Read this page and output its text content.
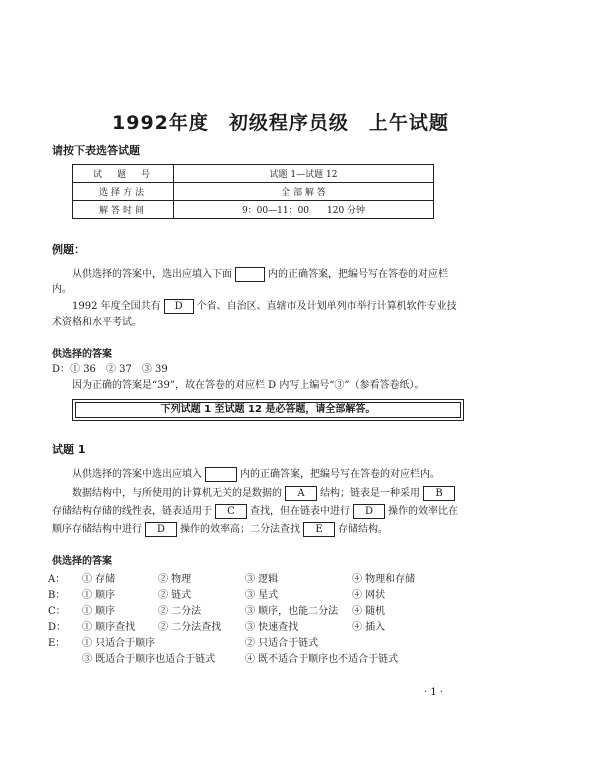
1992年度　初级程序员级　上午试题
请按下表选答试题
试　题　号	试题 1—试题 12
选择方法	全 部 解 答
解答时间	9：00—11：00　　120 分钟
例题：
从供选择的答案中，选出应填入下面	内的正确答案，把编号写在答卷的对应栏
内。
1992 年度全国共有 D 个省、自治区、直辖市及计划单列市举行计算机软件专业技
术资格和水平考试。
供选择的答案
D：① 36　② 37　③ 39
因为正确的答案是“39”，故在答卷的对应栏 D 内写上编号“③”（参看答卷纸）。
下列试题 1 至试题 12 是必答题，请全部解答。
试题 1
从供选择的答案中选出应填入	内的正确答案，把编号写在答卷的对应栏内。
数据结构中，与所使用的计算机无关的是数据的 A 结构；链表是一种采用 B
存储结构存储的线性表，链表适用于 C 查找，但在链表中进行 D 操作的效率比在
顺序存储结构中进行 D 操作的效率高；二分法查找 E 存储结构。
供选择的答案
A： ① 存储	② 物理	③ 逻辑	④ 物理和存储
B： ① 顺序	② 链式	③ 星式	④ 网状
C： ① 顺序	② 二分法	③ 顺序，也能二分法 ④ 随机
D： ① 顺序查找 ② 二分法查找 ③ 快速查找	④ 插入
E： ① 只适合于顺序	② 只适合于链式
③ 既适合于顺序也适合于链式	④ 既不适合于顺序也不适合于链式
· 1 ·
